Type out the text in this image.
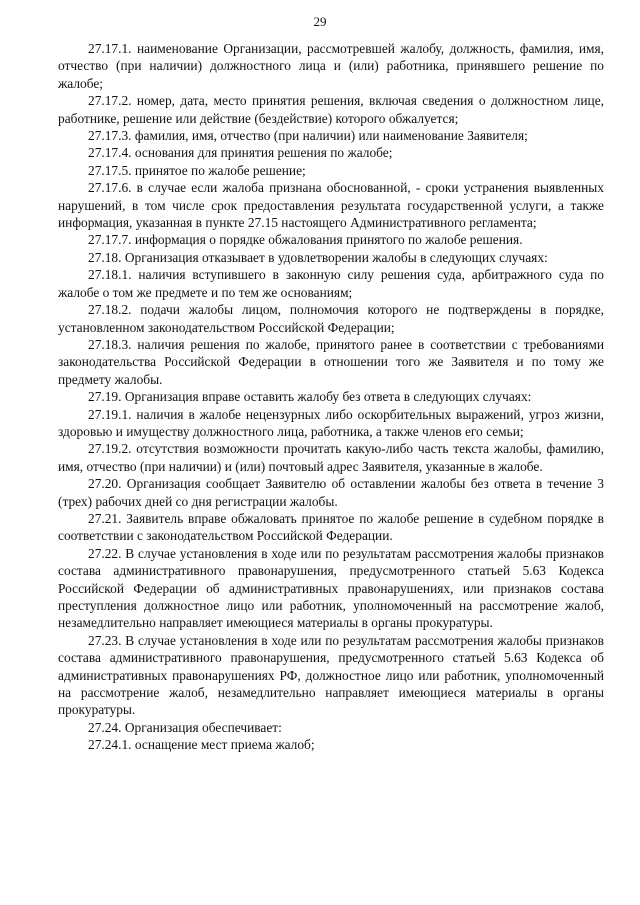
29

27.17.1. наименование Организации, рассмотревшей жалобу, должность, фамилия, имя, отчество (при наличии) должностного лица и (или) работника, принявшего решение по жалобе;

27.17.2. номер, дата, место принятия решения, включая сведения о должностном лице, работнике, решение или действие (бездействие) которого обжалуется;

27.17.3. фамилия, имя, отчество (при наличии) или наименование Заявителя;

27.17.4. основания для принятия решения по жалобе;

27.17.5. принятое по жалобе решение;

27.17.6. в случае если жалоба признана обоснованной, - сроки устранения выявленных нарушений, в том числе срок предоставления результата государственной услуги, а также информация, указанная в пункте 27.15 настоящего Административного регламента;

27.17.7. информация о порядке обжалования принятого по жалобе решения.

27.18. Организация отказывает в удовлетворении жалобы в следующих случаях:

27.18.1. наличия вступившего в законную силу решения суда, арбитражного суда по жалобе о том же предмете и по тем же основаниям;

27.18.2. подачи жалобы лицом, полномочия которого не подтверждены в порядке, установленном законодательством Российской Федерации;

27.18.3. наличия решения по жалобе, принятого ранее в соответствии с требованиями законодательства Российской Федерации в отношении того же Заявителя и по тому же предмету жалобы.

27.19. Организация вправе оставить жалобу без ответа в следующих случаях:

27.19.1. наличия в жалобе нецензурных либо оскорбительных выражений, угроз жизни, здоровью и имуществу должностного лица, работника, а также членов его семьи;

27.19.2. отсутствия возможности прочитать какую-либо часть текста жалобы, фамилию, имя, отчество (при наличии) и (или) почтовый адрес Заявителя, указанные в жалобе.

27.20. Организация сообщает Заявителю об оставлении жалобы без ответа в течение 3 (трех) рабочих дней со дня регистрации жалобы.

27.21. Заявитель вправе обжаловать принятое по жалобе решение в судебном порядке в соответствии с законодательством Российской Федерации.

27.22. В случае установления в ходе или по результатам рассмотрения жалобы признаков состава административного правонарушения, предусмотренного статьей 5.63 Кодекса Российской Федерации об административных правонарушениях, или признаков состава преступления должностное лицо или работник, уполномоченный на рассмотрение жалоб, незамедлительно направляет имеющиеся материалы в органы прокуратуры.

27.23. В случае установления в ходе или по результатам рассмотрения жалобы признаков состава административного правонарушения, предусмотренного статьей 5.63 Кодекса об административных правонарушениях РФ, должностное лицо или работник, уполномоченный на рассмотрение жалоб, незамедлительно направляет имеющиеся материалы в органы прокуратуры.

27.24. Организация обеспечивает:

27.24.1. оснащение мест приема жалоб;
